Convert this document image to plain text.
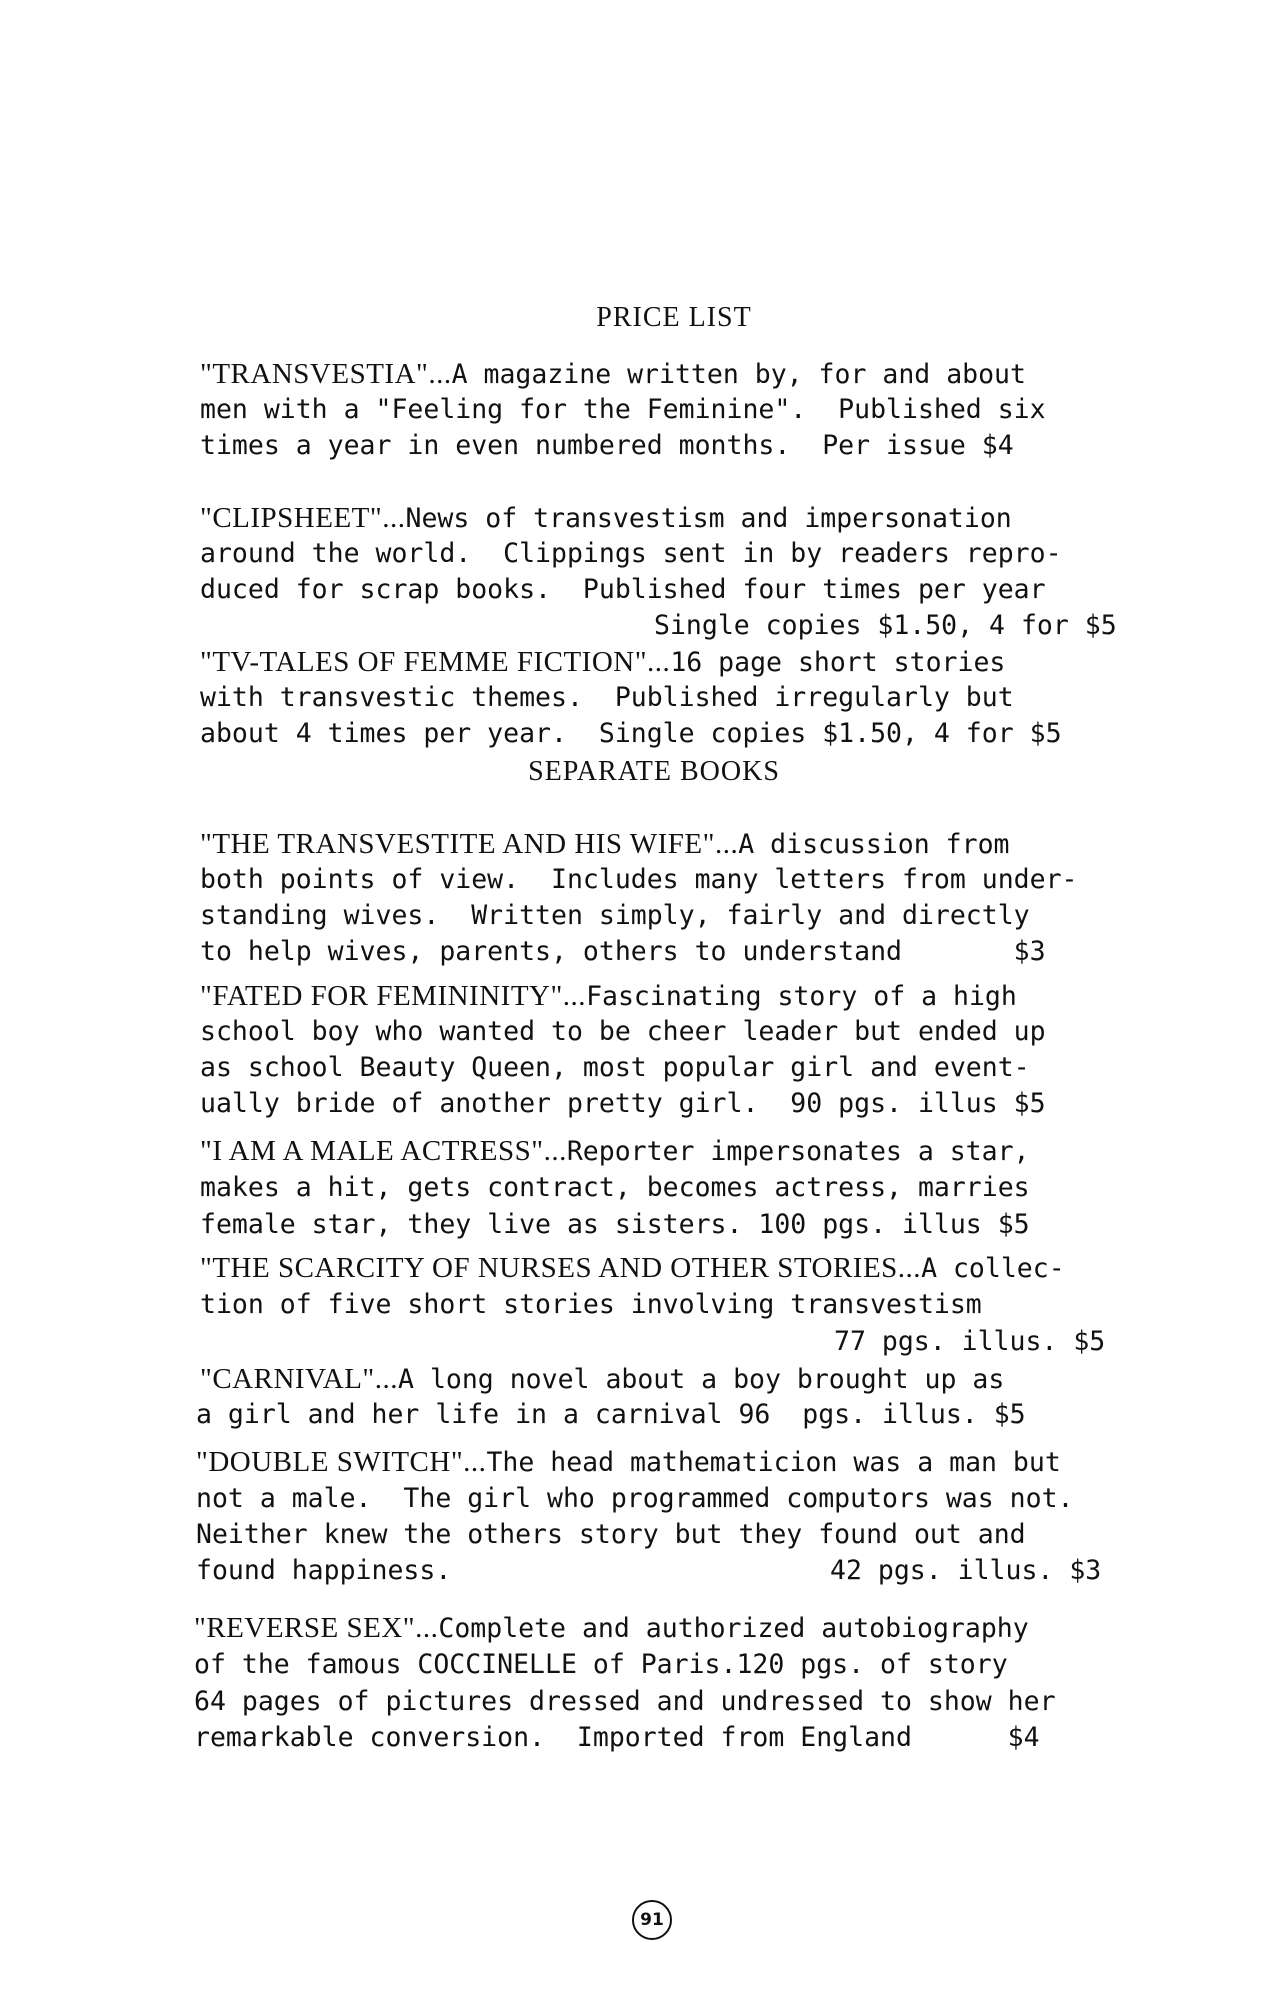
PRICE LIST
"TRANSVESTIA"...A magazine written by, for and about
men with a "Feeling for the Feminine".  Published six
times a year in even numbered months.  Per issue $4
"CLIPSHEET"...News of transvestism and impersonation
around the world.  Clippings sent in by readers repro-
duced for scrap books.  Published four times per year
Single copies $1.50, 4 for $5
"TV-TALES OF FEMME FICTION"...16 page short stories
with transvestic themes.  Published irregularly but
about 4 times per year.  Single copies $1.50, 4 for $5
SEPARATE BOOKS
"THE TRANSVESTITE AND HIS WIFE"...A discussion from
both points of view.  Includes many letters from under-
standing wives.  Written simply, fairly and directly
to help wives, parents, others to understand       $3
"FATED FOR FEMININITY"...Fascinating story of a high
school boy who wanted to be cheer leader but ended up
as school Beauty Queen, most popular girl and event-
ually bride of another pretty girl.  90 pgs. illus $5
"I AM A MALE ACTRESS"...Reporter impersonates a star,
makes a hit, gets contract, becomes actress, marries
female star, they live as sisters. 100 pgs. illus $5
"THE SCARCITY OF NURSES AND OTHER STORIES...A collec-
tion of five short stories involving transvestism
77 pgs. illus. $5
"CARNIVAL"...A long novel about a boy brought up as
a girl and her life in a carnival 96  pgs. illus. $5
"DOUBLE SWITCH"...The head mathematicion was a man but
not a male.  The girl who programmed computors was not.
Neither knew the others story but they found out and
found happiness.	42 pgs. illus. $3
"REVERSE SEX"...Complete and authorized autobiography
of the famous COCCINELLE of Paris.120 pgs. of story
64 pages of pictures dressed and undressed to show her
remarkable conversion.  Imported from England      $4
91
